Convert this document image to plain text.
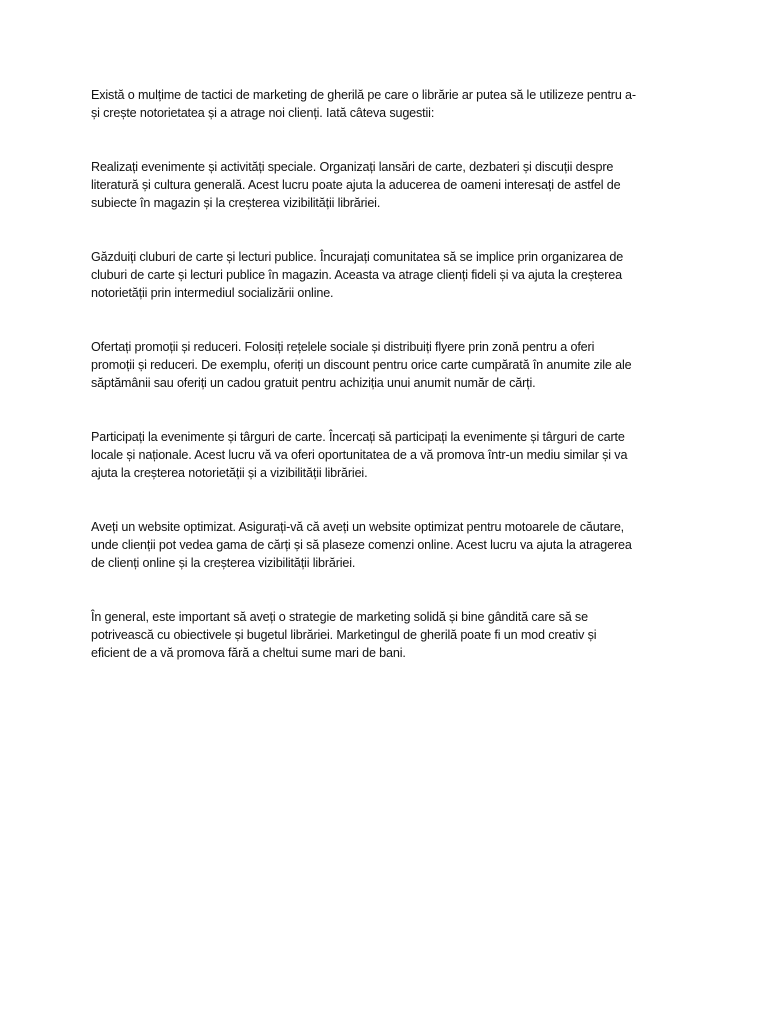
Există o mulțime de tactici de marketing de gherilă pe care o librărie ar putea să le utilizeze pentru a-
și crește notorietatea și a atrage noi clienți. Iată câteva sugestii:

Realizați evenimente și activități speciale. Organizați lansări de carte, dezbateri și discuții despre
literatură și cultura generală. Acest lucru poate ajuta la aducerea de oameni interesați de astfel de
subiecte în magazin și la creșterea vizibilității librăriei.

Găzduiți cluburi de carte și lecturi publice. Încurajați comunitatea să se implice prin organizarea de
cluburi de carte și lecturi publice în magazin. Aceasta va atrage clienți fideli și va ajuta la creșterea
notorietății prin intermediul socializării online.

Ofertați promoții și reduceri. Folosiți rețelele sociale și distribuiți flyere prin zonă pentru a oferi
promoții și reduceri. De exemplu, oferiți un discount pentru orice carte cumpărată în anumite zile ale
săptămânii sau oferiți un cadou gratuit pentru achiziția unui anumit număr de cărți.

Participați la evenimente și târguri de carte. Încercați să participați la evenimente și târguri de carte
locale și naționale. Acest lucru vă va oferi oportunitatea de a vă promova într-un mediu similar și va
ajuta la creșterea notorietății și a vizibilității librăriei.

Aveți un website optimizat. Asigurați-vă că aveți un website optimizat pentru motoarele de căutare,
unde clienții pot vedea gama de cărți și să plaseze comenzi online. Acest lucru va ajuta la atragerea
de clienți online și la creșterea vizibilității librăriei.

În general, este important să aveți o strategie de marketing solidă și bine gândită care să se
potrivească cu obiectivele și bugetul librăriei. Marketingul de gherilă poate fi un mod creativ și
eficient de a vă promova fără a cheltui sume mari de bani.
